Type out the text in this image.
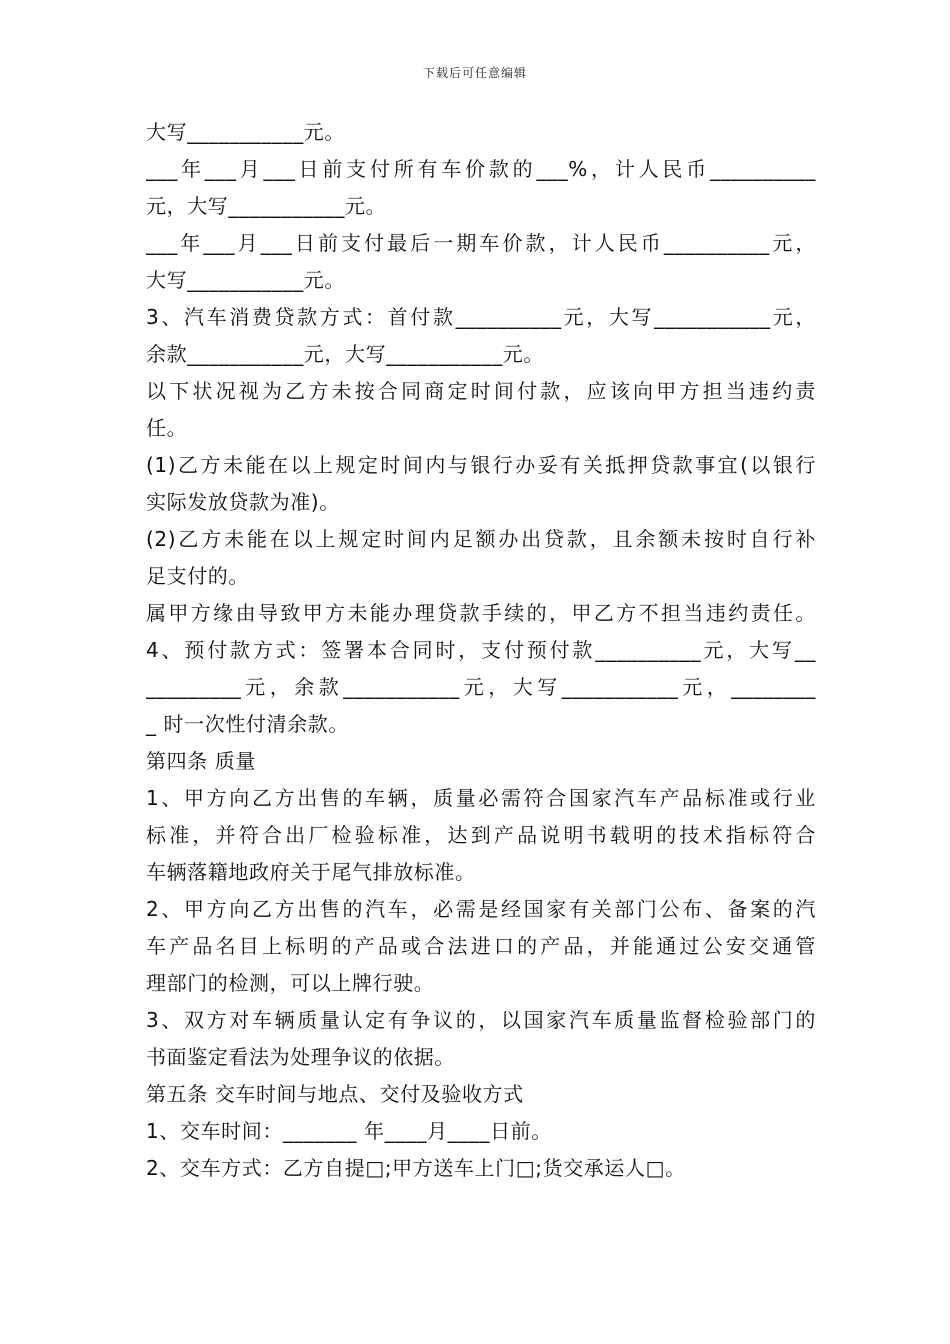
下载后可任意编辑
大写___________元。
___年___月___日前支付所有车价款的___%，计人民币__________
元，大写___________元。
___年___月___日前支付最后一期车价款，计人民币__________元，
大写___________元。
3、汽车消费贷款方式：首付款__________元，大写___________元，
余款___________元，大写___________元。
以下状况视为乙方未按合同商定时间付款，应该向甲方担当违约责
任。
(1)乙方未能在以上规定时间内与银行办妥有关抵押贷款事宜(以银行
实际发放贷款为准)。
(2)乙方未能在以上规定时间内足额办出贷款，且余额未按时自行补
足支付的。
属甲方缘由导致甲方未能办理贷款手续的，甲乙方不担当违约责任。
4、预付款方式：签署本合同时，支付预付款__________元，大写__
_________元，余款___________元，大写___________元，________
_ 时一次性付清余款。
第四条 质量
1、甲方向乙方出售的车辆，质量必需符合国家汽车产品标准或行业
标准，并符合出厂检验标准，达到产品说明书载明的技术指标符合
车辆落籍地政府关于尾气排放标准。
2、甲方向乙方出售的汽车，必需是经国家有关部门公布、备案的汽
车产品名目上标明的产品或合法进口的产品，并能通过公安交通管
理部门的检测，可以上牌行驶。
3、双方对车辆质量认定有争议的，以国家汽车质量监督检验部门的
书面鉴定看法为处理争议的依据。
第五条 交车时间与地点、交付及验收方式
1、交车时间：_______ 年____月____日前。
2、交车方式：乙方自提□;甲方送车上门□;货交承运人□。
